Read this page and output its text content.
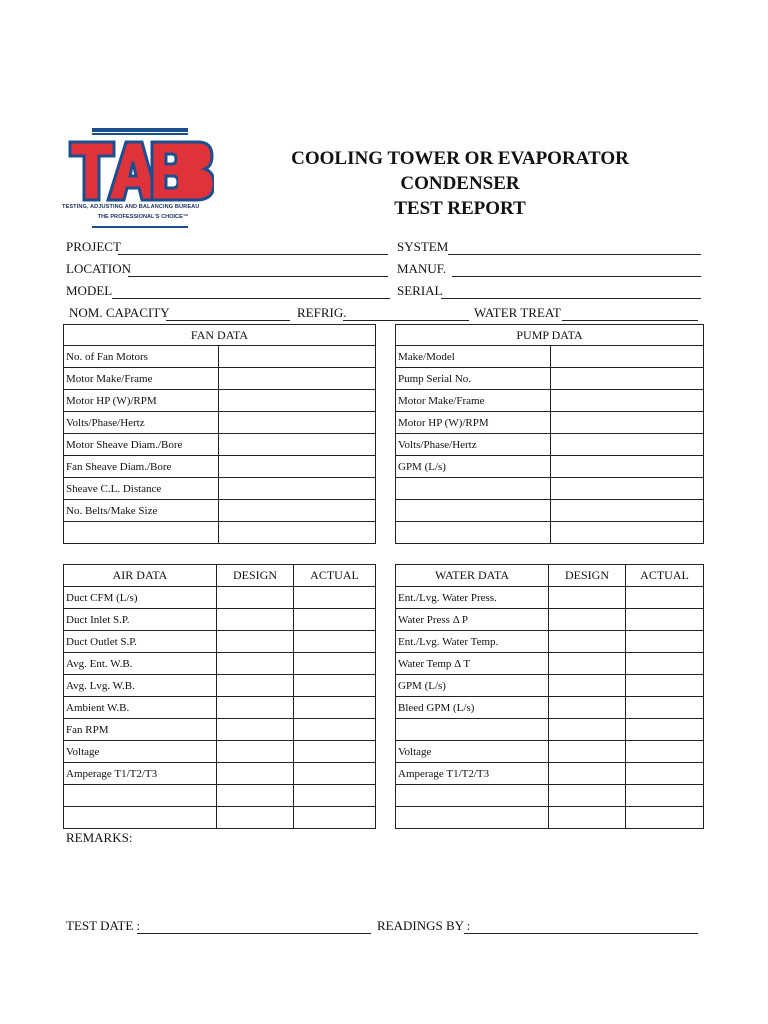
TESTING, ADJUSTING AND BALANCING BUREAU
THE PROFESSIONAL'S CHOICE™
COOLING TOWER OR EVAPORATOR
CONDENSER
TEST REPORT
PROJECT
LOCATION
MODEL
SYSTEM
MANUF.
SERIAL
NOM. CAPACITY	REFRIG.	WATER TREAT
FAN DATA	
No. of Fan Motors	
Motor Make/Frame	
Motor HP (W)/RPM	
Volts/Phase/Hertz	
Motor Sheave Diam./Bore	
Fan Sheave Diam./Bore	
Sheave C.L. Distance	
No. Belts/Make Size	

PUMP DATA	
Make/Model	
Pump Serial No.	
Motor Make/Frame	
Motor HP (W)/RPM	
Volts/Phase/Hertz	
GPM (L/s)	

AIR DATA	DESIGN	ACTUAL
Duct CFM (L/s)		
Duct Inlet S.P.		
Duct Outlet S.P.		
Avg. Ent. W.B.		
Avg. Lvg. W.B.		
Ambient W.B.		
Fan RPM		
Voltage		
Amperage T1/T2/T3		

WATER DATA	DESIGN	ACTUAL
Ent./Lvg. Water Press.		
Water Press Δ P		
Ent./Lvg. Water Temp.		
Water Temp Δ T		
GPM (L/s)		
Bleed GPM (L/s)		

Voltage		
Amperage T1/T2/T3		

REMARKS:
TEST DATE :	READINGS BY :
